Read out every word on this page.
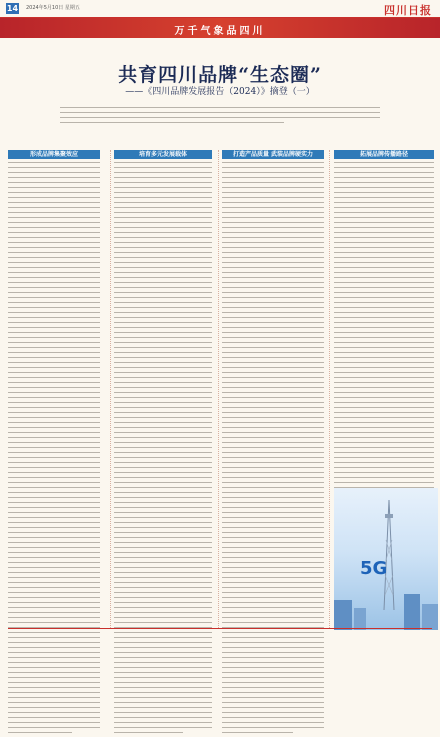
14 2024年5月10日 星期五	四川日报
万千气象品四川
共育四川品牌“生态圈”
——《四川品牌发展报告（2024）》摘登（一）
形成品牌集聚效应	培育多元发展载体	打造产品质量 武装品牌硬实力	拓展品牌传播路径
5G
